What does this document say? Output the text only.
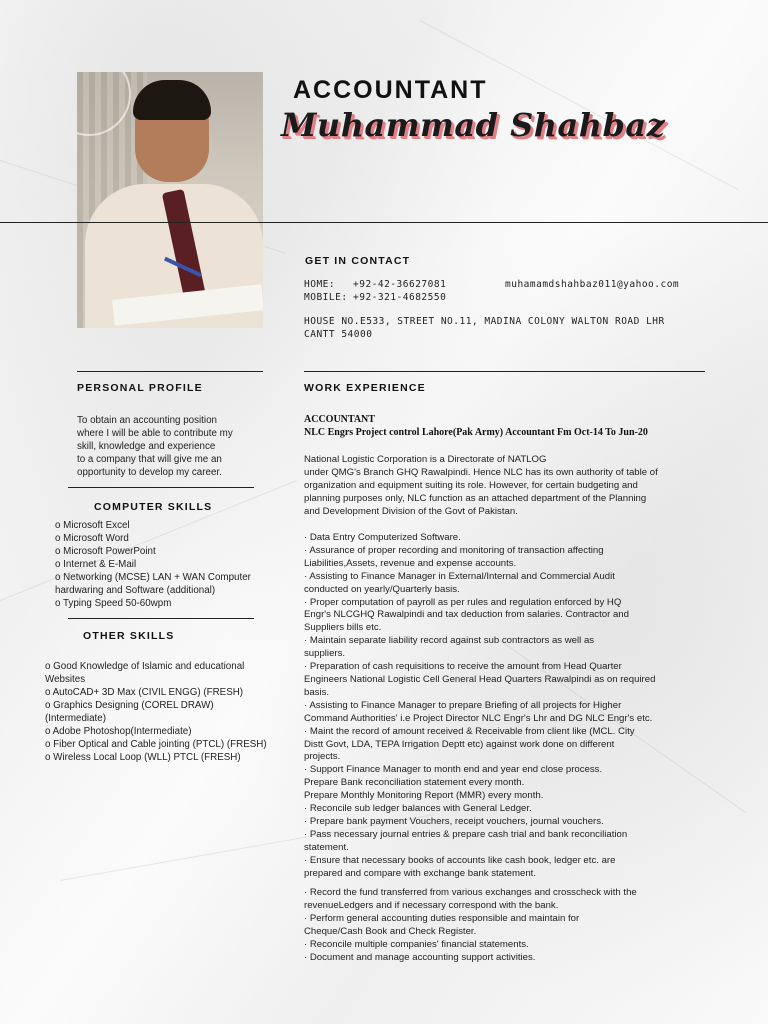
ACCOUNTANT
Muhammad Shahbaz
GET IN CONTACT
HOME: +92-42-36627081	muhamamdshahbaz011@yahoo.com
MOBILE: +92-321-4682550
HOUSE NO.E533, STREET NO.11, MADINA COLONY WALTON ROAD LHR
CANTT 54000
PERSONAL PROFILE
To obtain an accounting position
where I will be able to contribute my
skill, knowledge and experience
to a company that will give me an
opportunity to develop my career.
COMPUTER SKILLS
o Microsoft Excel
o Microsoft Word
o Microsoft PowerPoint
o Internet & E-Mail
o Networking (MCSE) LAN + WAN Computer
hardwaring and Software (additional)
o Typing Speed 50-60wpm
OTHER SKILLS
o Good Knowledge of Islamic and educational
Websites
o AutoCAD+ 3D Max (CIVIL ENGG) (FRESH)
o Graphics Designing (COREL DRAW)
(Intermediate)
o Adobe Photoshop(Intermediate)
o Fiber Optical and Cable jointing (PTCL) (FRESH)
o Wireless Local Loop (WLL) PTCL (FRESH)
WORK EXPERIENCE
ACCOUNTANT
NLC Engrs Project control Lahore(Pak Army) Accountant Fm Oct-14 To Jun-20
National Logistic Corporation is a Directorate of NATLOG
under QMG's Branch GHQ Rawalpindi. Hence NLC has its own authority of table of
organization and equipment suiting its role. However, for certain budgeting and
planning purposes only, NLC function as an attached department of the Planning
and Development Division of the Govt of Pakistan.
· Data Entry Computerized Software.
· Assurance of proper recording and monitoring of transaction affecting
Liabilities,Assets, revenue and expense accounts.
· Assisting to Finance Manager in External/Internal and Commercial Audit
conducted on yearly/Quarterly basis.
· Proper computation of payroll as per rules and regulation enforced by HQ
Engr's NLCGHQ Rawalpindi and tax deduction from salaries. Contractor and
Suppliers bills etc.
· Maintain separate liability record against sub contractors as well as
suppliers.
· Preparation of cash requisitions to receive the amount from Head Quarter
Engineers National Logistic Cell General Head Quarters Rawalpindi as on required
basis.
· Assisting to Finance Manager to prepare Briefing of all projects for Higher
Command Authorities' i.e Project Director NLC Engr's Lhr and DG NLC Engr's etc.
· Maint the record of amount received & Receivable from client like (MCL. City
Distt Govt, LDA, TEPA Irrigation Deptt etc) against work done on different
projects.
· Support Finance Manager to month end and year end close process.
Prepare Bank reconciliation statement every month.
Prepare Monthly Monitoring Report (MMR) every month.
· Reconcile sub ledger balances with General Ledger.
· Prepare bank payment Vouchers, receipt vouchers, journal vouchers.
· Pass necessary journal entries & prepare cash trial and bank reconciliation
statement.
· Ensure that necessary books of accounts like cash book, ledger etc. are
prepared and compare with exchange bank statement.
· Record the fund transferred from various exchanges and crosscheck with the
revenueLedgers and if necessary correspond with the bank.
· Perform general accounting duties responsible and maintain for
Cheque/Cash Book and Check Register.
· Reconcile multiple companies' financial statements.
· Document and manage accounting support activities.
